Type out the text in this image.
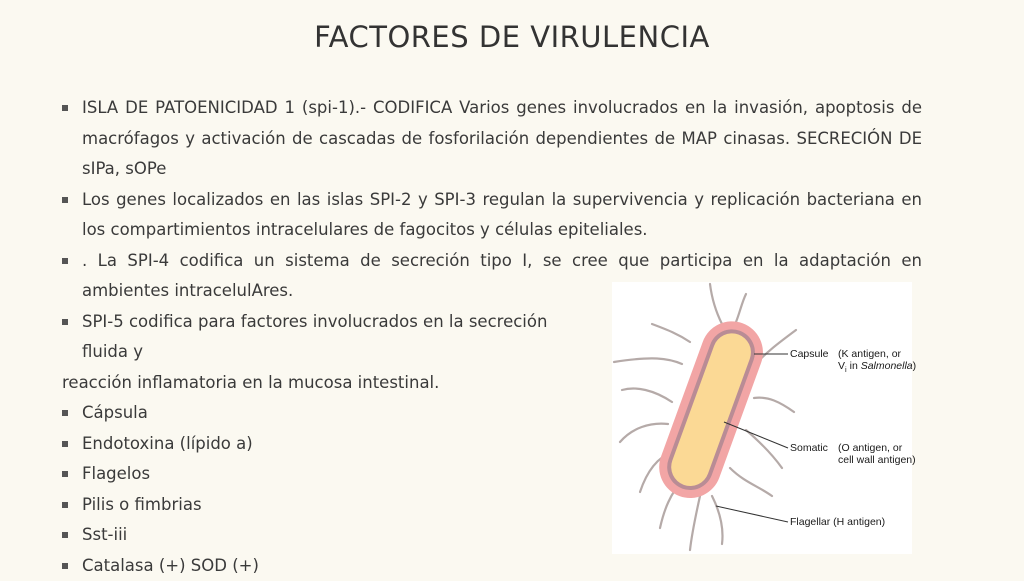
FACTORES DE VIRULENCIA
ISLA DE PATOENICIDAD 1 (spi-1).- CODIFICA Varios genes involucrados en la invasión, apoptosis de macrófagos y activación de cascadas de fosforilación dependientes de MAP cinasas. SECRECIÓN DE sIPa, sOPe
Los genes localizados en las islas SPI-2 y SPI-3 regulan la supervivencia y replicación bacteriana en los compartimientos intracelulares de fagocitos y células epiteliales.
. La SPI-4 codifica un sistema de secreción tipo I, se cree que participa en la adaptación en ambientes intracelulAres.
SPI-5 codifica para factores involucrados en la secreción fluida y
reacción inflamatoria en la mucosa intestinal.
Cápsula
Endotoxina (lípido a)
Flagelos
Pilis o fimbrias
Sst-iii
Catalasa (+) SOD (+)
Capsule (K antigen, or
$V_i$ in Salmonella)
Somatic (O antigen, or
cell wall antigen)
Flagellar (H antigen)
